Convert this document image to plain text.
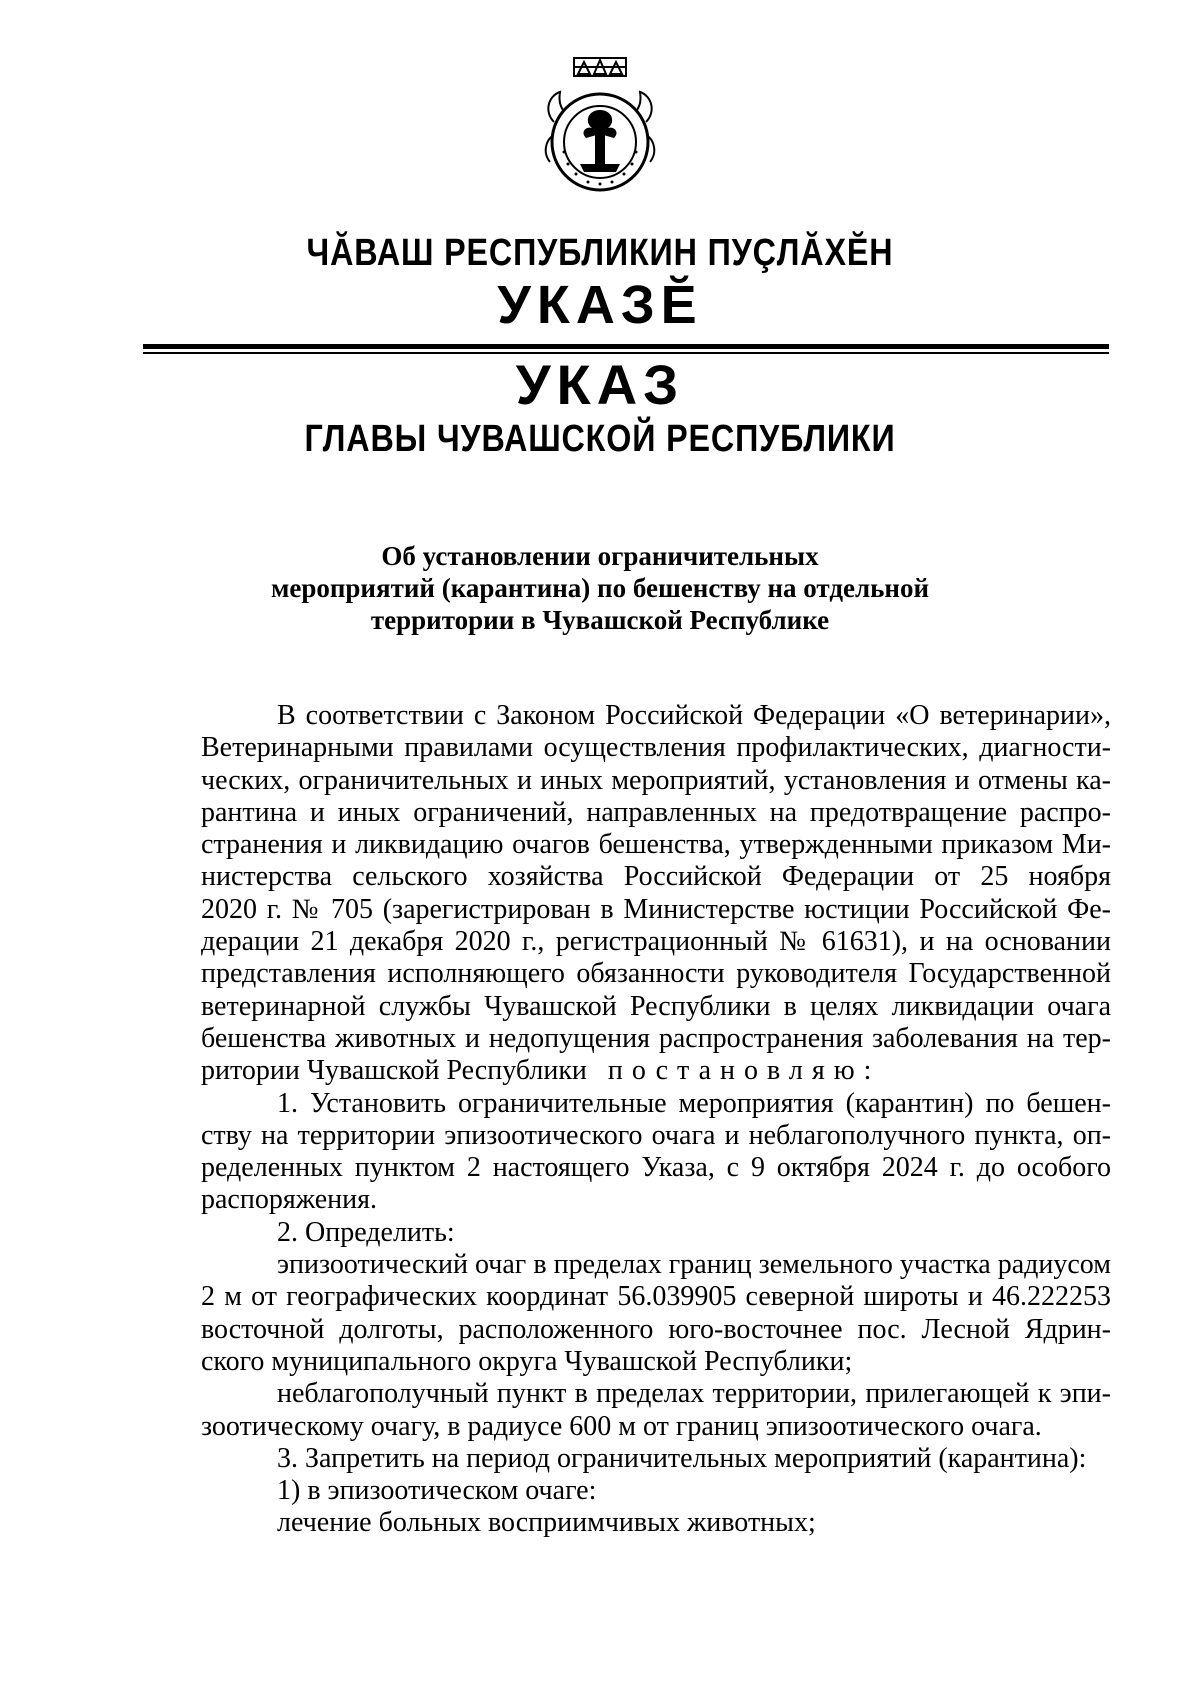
ЧĂВАШ РЕСПУБЛИКИН ПУÇЛĂХĔН
УКАЗĔ
УКАЗ
ГЛАВЫ ЧУВАШСКОЙ РЕСПУБЛИКИ
Об установлении ограничительных
мероприятий (карантина) по бешенству на отдельной
территории в Чувашской Республике
В соответствии с Законом Российской Федерации «О ветеринарии»,
Ветеринарными правилами осуществления профилактических, диагности-
ческих, ограничительных и иных мероприятий, установления и отмены ка-
рантина и иных ограничений, направленных на предотвращение распро-
странения и ликвидацию очагов бешенства, утвержденными приказом Ми-
нистерства сельского хозяйства Российской Федерации от 25 ноября
2020 г. № 705 (зарегистрирован в Министерстве юстиции Российской Фе-
дерации 21 декабря 2020 г., регистрационный № 61631), и на основании
представления исполняющего обязанности руководителя Государственной
ветеринарной службы Чувашской Республики в целях ликвидации очага
бешенства животных и недопущения распространения заболевания на тер-
ритории Чувашской Республики постановляю:
1. Установить ограничительные мероприятия (карантин) по бешен-
ству на территории эпизоотического очага и неблагополучного пункта, оп-
ределенных пунктом 2 настоящего Указа, с 9 октября 2024 г. до особого
распоряжения.
2. Определить:
эпизоотический очаг в пределах границ земельного участка радиусом
2 м от географических координат 56.039905 северной широты и 46.222253
восточной долготы, расположенного юго-восточнее пос. Лесной Ядрин-
ского муниципального округа Чувашской Республики;
неблагополучный пункт в пределах территории, прилегающей к эпи-
зоотическому очагу, в радиусе 600 м от границ эпизоотического очага.
3. Запретить на период ограничительных мероприятий (карантина):
1) в эпизоотическом очаге:
лечение больных восприимчивых животных;
